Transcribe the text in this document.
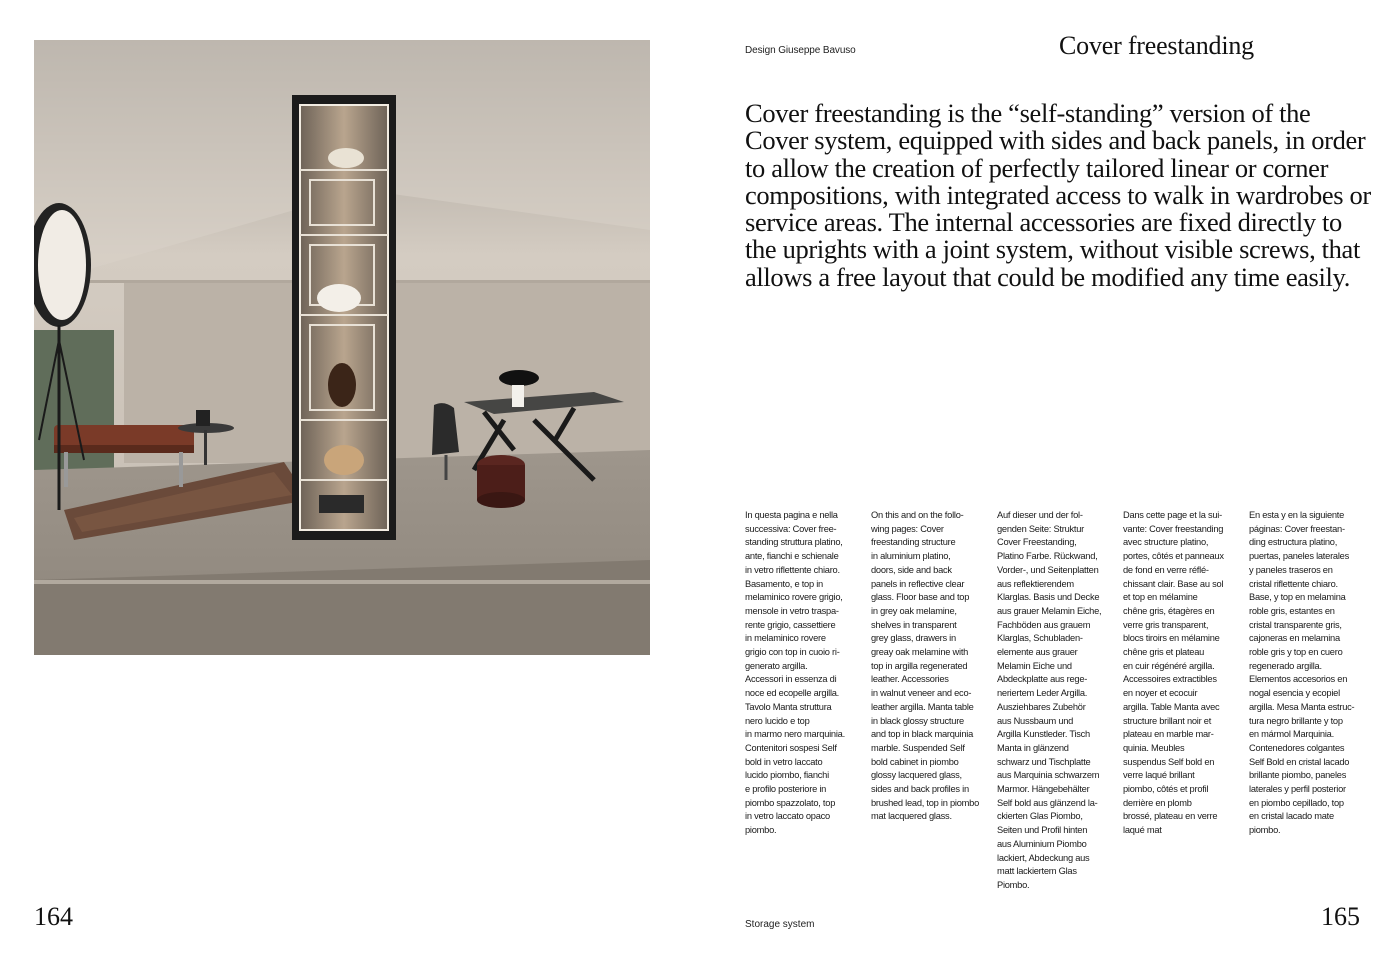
Design Giuseppe Bavuso	Cover freestanding

Cover freestanding is the “self-standing” version of the Cover system, equipped with sides and back panels, in order to allow the creation of perfectly tailored linear or corner compositions, with integrated access to walk in wardrobes or service areas. The internal accessories are fixed directly to the uprights with a joint system, without visible screws, that allows a free layout that could be modified any time easily.

In questa pagina e nella
successiva: Cover free-
standing struttura platino,
ante, fianchi e schienale
in vetro riflettente chiaro.
Basamento, e top in
melaminico rovere grigio,
mensole in vetro traspa-
rente grigio, cassettiere
in melaminico rovere
grigio con top in cuoio ri-
generato argilla.
Accessori in essenza di
noce ed ecopelle argilla.
Tavolo Manta struttura
nero lucido e top
in marmo nero marquinia.
Contenitori sospesi Self
bold in vetro laccato
lucido piombo, fianchi
e profilo posteriore in
piombo spazzolato, top
in vetro laccato opaco
piombo.
On this and on the follo-
wing pages: Cover
freestanding structure
in aluminium platino,
doors, side and back
panels in reflective clear
glass. Floor base and top
in grey oak melamine,
shelves in transparent
grey glass, drawers in
greay oak melamine with
top in argilla regenerated
leather. Accessories
in walnut veneer and eco-
leather argilla. Manta table
in black glossy structure
and top in black marquinia
marble. Suspended Self
bold cabinet in piombo
glossy lacquered glass,
sides and back profiles in
brushed lead, top in piombo
mat lacquered glass.
Auf dieser und der fol-
genden Seite: Struktur
Cover Freestanding,
Platino Farbe. Rückwand,
Vorder-, und Seitenplatten
aus reflektierendem
Klarglas. Basis und Decke
aus grauer Melamin Eiche,
Fachböden aus grauem
Klarglas, Schubladen-
elemente aus grauer
Melamin Eiche und
Abdeckplatte aus rege-
neriertem Leder Argilla.
Ausziehbares Zubehör
aus Nussbaum und
Argilla Kunstleder. Tisch
Manta in glänzend
schwarz und Tischplatte
aus Marquinia schwarzem
Marmor. Hängebehälter
Self bold aus glänzend la-
ckierten Glas Piombo,
Seiten und Profil hinten
aus Aluminium Piombo
lackiert, Abdeckung aus
matt lackiertem Glas
Piombo.
Dans cette page et la sui-
vante: Cover freestanding
avec structure platino,
portes, côtés et panneaux
de fond en verre réflé-
chissant clair. Base au sol
et top en mélamine
chêne gris, étagères en
verre gris transparent,
blocs tiroirs en mélamine
chêne gris et plateau
en cuir régénéré argilla.
Accessoires extractibles
en noyer et ecocuir
argilla. Table Manta avec
structure brillant noir et
plateau en marble mar-
quinia. Meubles
suspendus Self bold en
verre laqué brillant
piombo, côtés et profil
derrière en plomb
brossé, plateau en verre
laqué mat
En esta y en la siguiente
páginas: Cover freestan-
ding estructura platino,
puertas, paneles laterales
y paneles traseros en
cristal riflettente chiaro.
Base, y top en melamina
roble gris, estantes en
cristal transparente gris,
cajoneras en melamina
roble gris y top en cuero
regenerado argilla.
Elementos accesorios en
nogal esencia y ecopiel
argilla. Mesa Manta estruc-
tura negro brillante y top
en mármol Marquinia.
Contenedores colgantes
Self Bold en cristal lacado
brillante piombo, paneles
laterales y perfil posterior
en piombo cepillado, top
en cristal lacado mate
piombo.
164	Storage system	165
